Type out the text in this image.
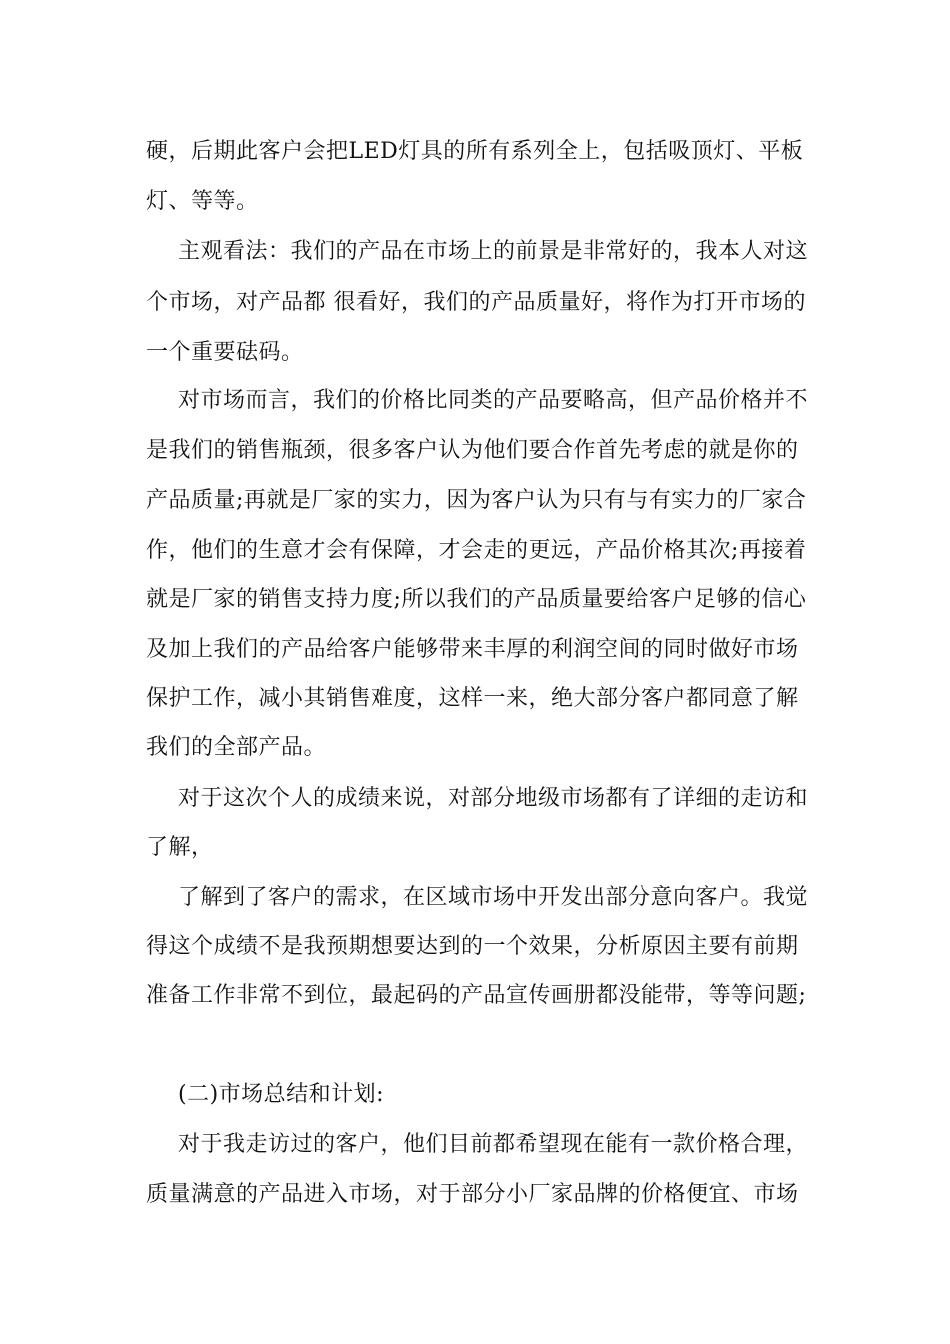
硬，后期此客户会把LED灯具的所有系列全上，包括吸顶灯、平板
灯、等等。
主观看法：我们的产品在市场上的前景是非常好的，我本人对这
个市场，对产品都 很看好，我们的产品质量好，将作为打开市场的
一个重要砝码。
对市场而言，我们的价格比同类的产品要略高，但产品价格并不
是我们的销售瓶颈，很多客户认为他们要合作首先考虑的就是你的
产品质量;再就是厂家的实力，因为客户认为只有与有实力的厂家合
作，他们的生意才会有保障，才会走的更远，产品价格其次;再接着
就是厂家的销售支持力度;所以我们的产品质量要给客户足够的信心
及加上我们的产品给客户能够带来丰厚的利润空间的同时做好市场
保护工作，减小其销售难度，这样一来，绝大部分客户都同意了解
我们的全部产品。
对于这次个人的成绩来说，对部分地级市场都有了详细的走访和
了解，
了解到了客户的需求，在区域市场中开发出部分意向客户。我觉
得这个成绩不是我预期想要达到的一个效果，分析原因主要有前期
准备工作非常不到位，最起码的产品宣传画册都没能带，等等问题;
(二)市场总结和计划:
对于我走访过的客户，他们目前都希望现在能有一款价格合理，
质量满意的产品进入市场，对于部分小厂家品牌的价格便宜、市场
